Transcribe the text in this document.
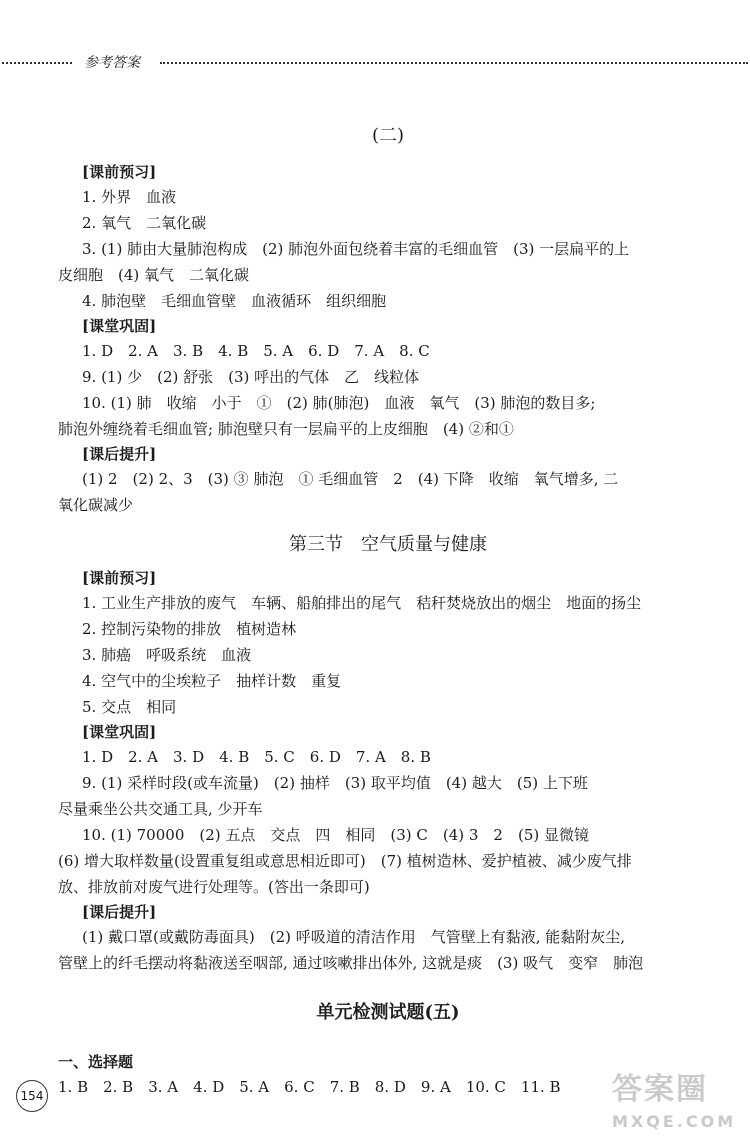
参考答案
(二)
[课前预习]
1. 外界　血液
2. 氧气　二氧化碳
3. (1) 肺由大量肺泡构成　(2) 肺泡外面包绕着丰富的毛细血管　(3) 一层扁平的上
皮细胞　(4) 氧气　二氧化碳
4. 肺泡壁　毛细血管壁　血液循环　组织细胞
[课堂巩固]
1. D　2. A　3. B　4. B　5. A　6. D　7. A　8. C
9. (1) 少　(2) 舒张　(3) 呼出的气体　乙　线粒体
10. (1) 肺　收缩　小于　①　(2) 肺(肺泡)　血液　氧气　(3) 肺泡的数目多;
肺泡外缠绕着毛细血管; 肺泡壁只有一层扁平的上皮细胞　(4) ②和①
[课后提升]
(1) 2　(2) 2、3　(3) ③ 肺泡　① 毛细血管　2　(4) 下降　收缩　氧气增多, 二
氧化碳减少
第三节　空气质量与健康
[课前预习]
1. 工业生产排放的废气　车辆、船舶排出的尾气　秸秆焚烧放出的烟尘　地面的扬尘
2. 控制污染物的排放　植树造林
3. 肺癌　呼吸系统　血液
4. 空气中的尘埃粒子　抽样计数　重复
5. 交点　相同
[课堂巩固]
1. D　2. A　3. D　4. B　5. C　6. D　7. A　8. B
9. (1) 采样时段(或车流量)　(2) 抽样　(3) 取平均值　(4) 越大　(5) 上下班
尽量乘坐公共交通工具, 少开车
10. (1) 70000　(2) 五点　交点　四　相同　(3) C　(4) 3　2　(5) 显微镜
(6) 增大取样数量(设置重复组或意思相近即可)　(7) 植树造林、爱护植被、减少废气排
放、排放前对废气进行处理等。(答出一条即可)
[课后提升]
(1) 戴口罩(或戴防毒面具)　(2) 呼吸道的清洁作用　气管壁上有黏液, 能黏附灰尘,
管壁上的纤毛摆动将黏液送至咽部, 通过咳嗽排出体外, 这就是痰　(3) 吸气　变窄　肺泡
单元检测试题(五)
一、选择题
1. B　2. B　3. A　4. D　5. A　6. C　7. B　8. D　9. A　10. C　11. B
154	答案圈
MXQE.COM
